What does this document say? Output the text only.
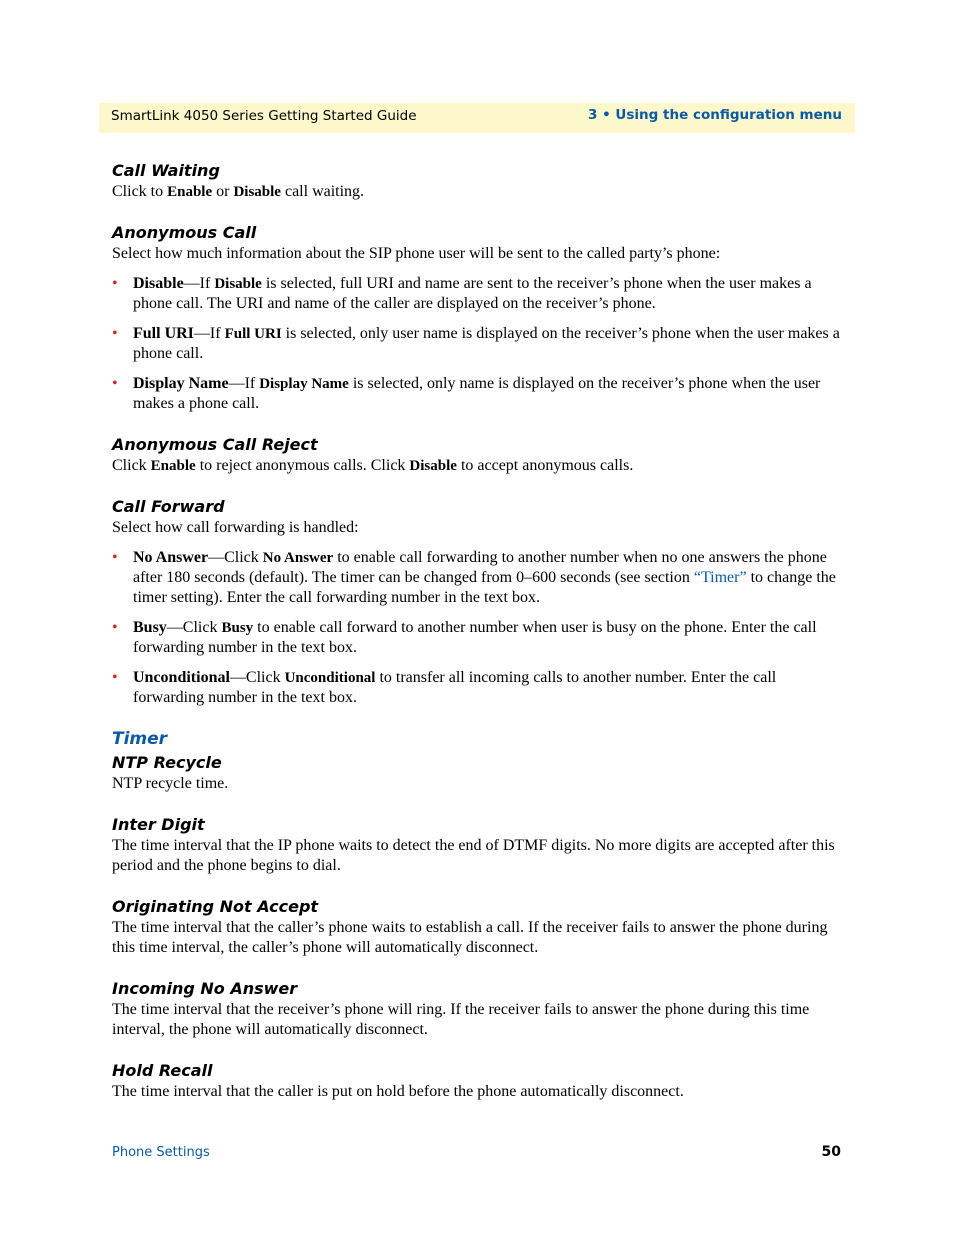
SmartLink 4050 Series Getting Started Guide	3 • Using the configuration menu
Call Waiting

Click to Enable or Disable call waiting.

Anonymous Call

Select how much information about the SIP phone user will be sent to the called party’s phone:

• Disable—If Disable is selected, full URI and name are sent to the receiver’s phone when the user makes a phone call. The URI and name of the caller are displayed on the receiver’s phone.
• Full URI—If Full URI is selected, only user name is displayed on the receiver’s phone when the user makes a phone call.
• Display Name—If Display Name is selected, only name is displayed on the receiver’s phone when the user makes a phone call.
Anonymous Call Reject

Click Enable to reject anonymous calls. Click Disable to accept anonymous calls.

Call Forward

Select how call forwarding is handled:

• No Answer—Click No Answer to enable call forwarding to another number when no one answers the phone after 180 seconds (default). The timer can be changed from 0–600 seconds (see section “Timer” to change the timer setting). Enter the call forwarding number in the text box.
• Busy—Click Busy to enable call forward to another number when user is busy on the phone. Enter the call forwarding number in the text box.
• Unconditional—Click Unconditional to transfer all incoming calls to another number. Enter the call forwarding number in the text box.
Timer
NTP Recycle

NTP recycle time.

Inter Digit

The time interval that the IP phone waits to detect the end of DTMF digits. No more digits are accepted after this period and the phone begins to dial.

Originating Not Accept

The time interval that the caller’s phone waits to establish a call. If the receiver fails to answer the phone during this time interval, the caller’s phone will automatically disconnect.

Incoming No Answer

The time interval that the receiver’s phone will ring. If the receiver fails to answer the phone during this time interval, the phone will automatically disconnect.

Hold Recall

The time interval that the caller is put on hold before the phone automatically disconnect.

Phone Settings	50
